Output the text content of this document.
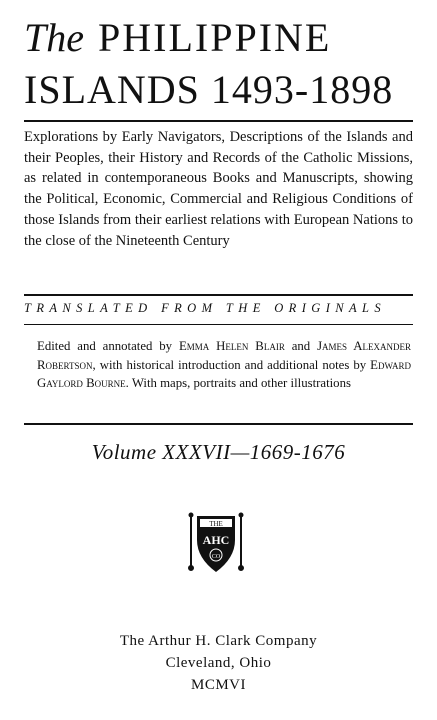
The PHILIPPINE
ISLANDS 1493-1898
Explorations by Early Navigators, Descriptions of the Islands and their Peoples, their History and Records of the Catholic Missions, as related in contemporaneous Books and Manuscripts, showing the Political, Economic, Commercial and Religious Conditions of those Islands from their earliest relations with European Nations to the close of the Nineteenth Century
TRANSLATED FROM THE ORIGINALS
Edited and annotated by Emma Helen Blair and James Alexander Robertson, with historical introduction and additional notes by Edward Gaylord Bourne. With maps, portraits and other illustrations
Volume XXXVII—1669-1676
THE
AHC
CO
The Arthur H. Clark Company
Cleveland, Ohio
MCMVI
